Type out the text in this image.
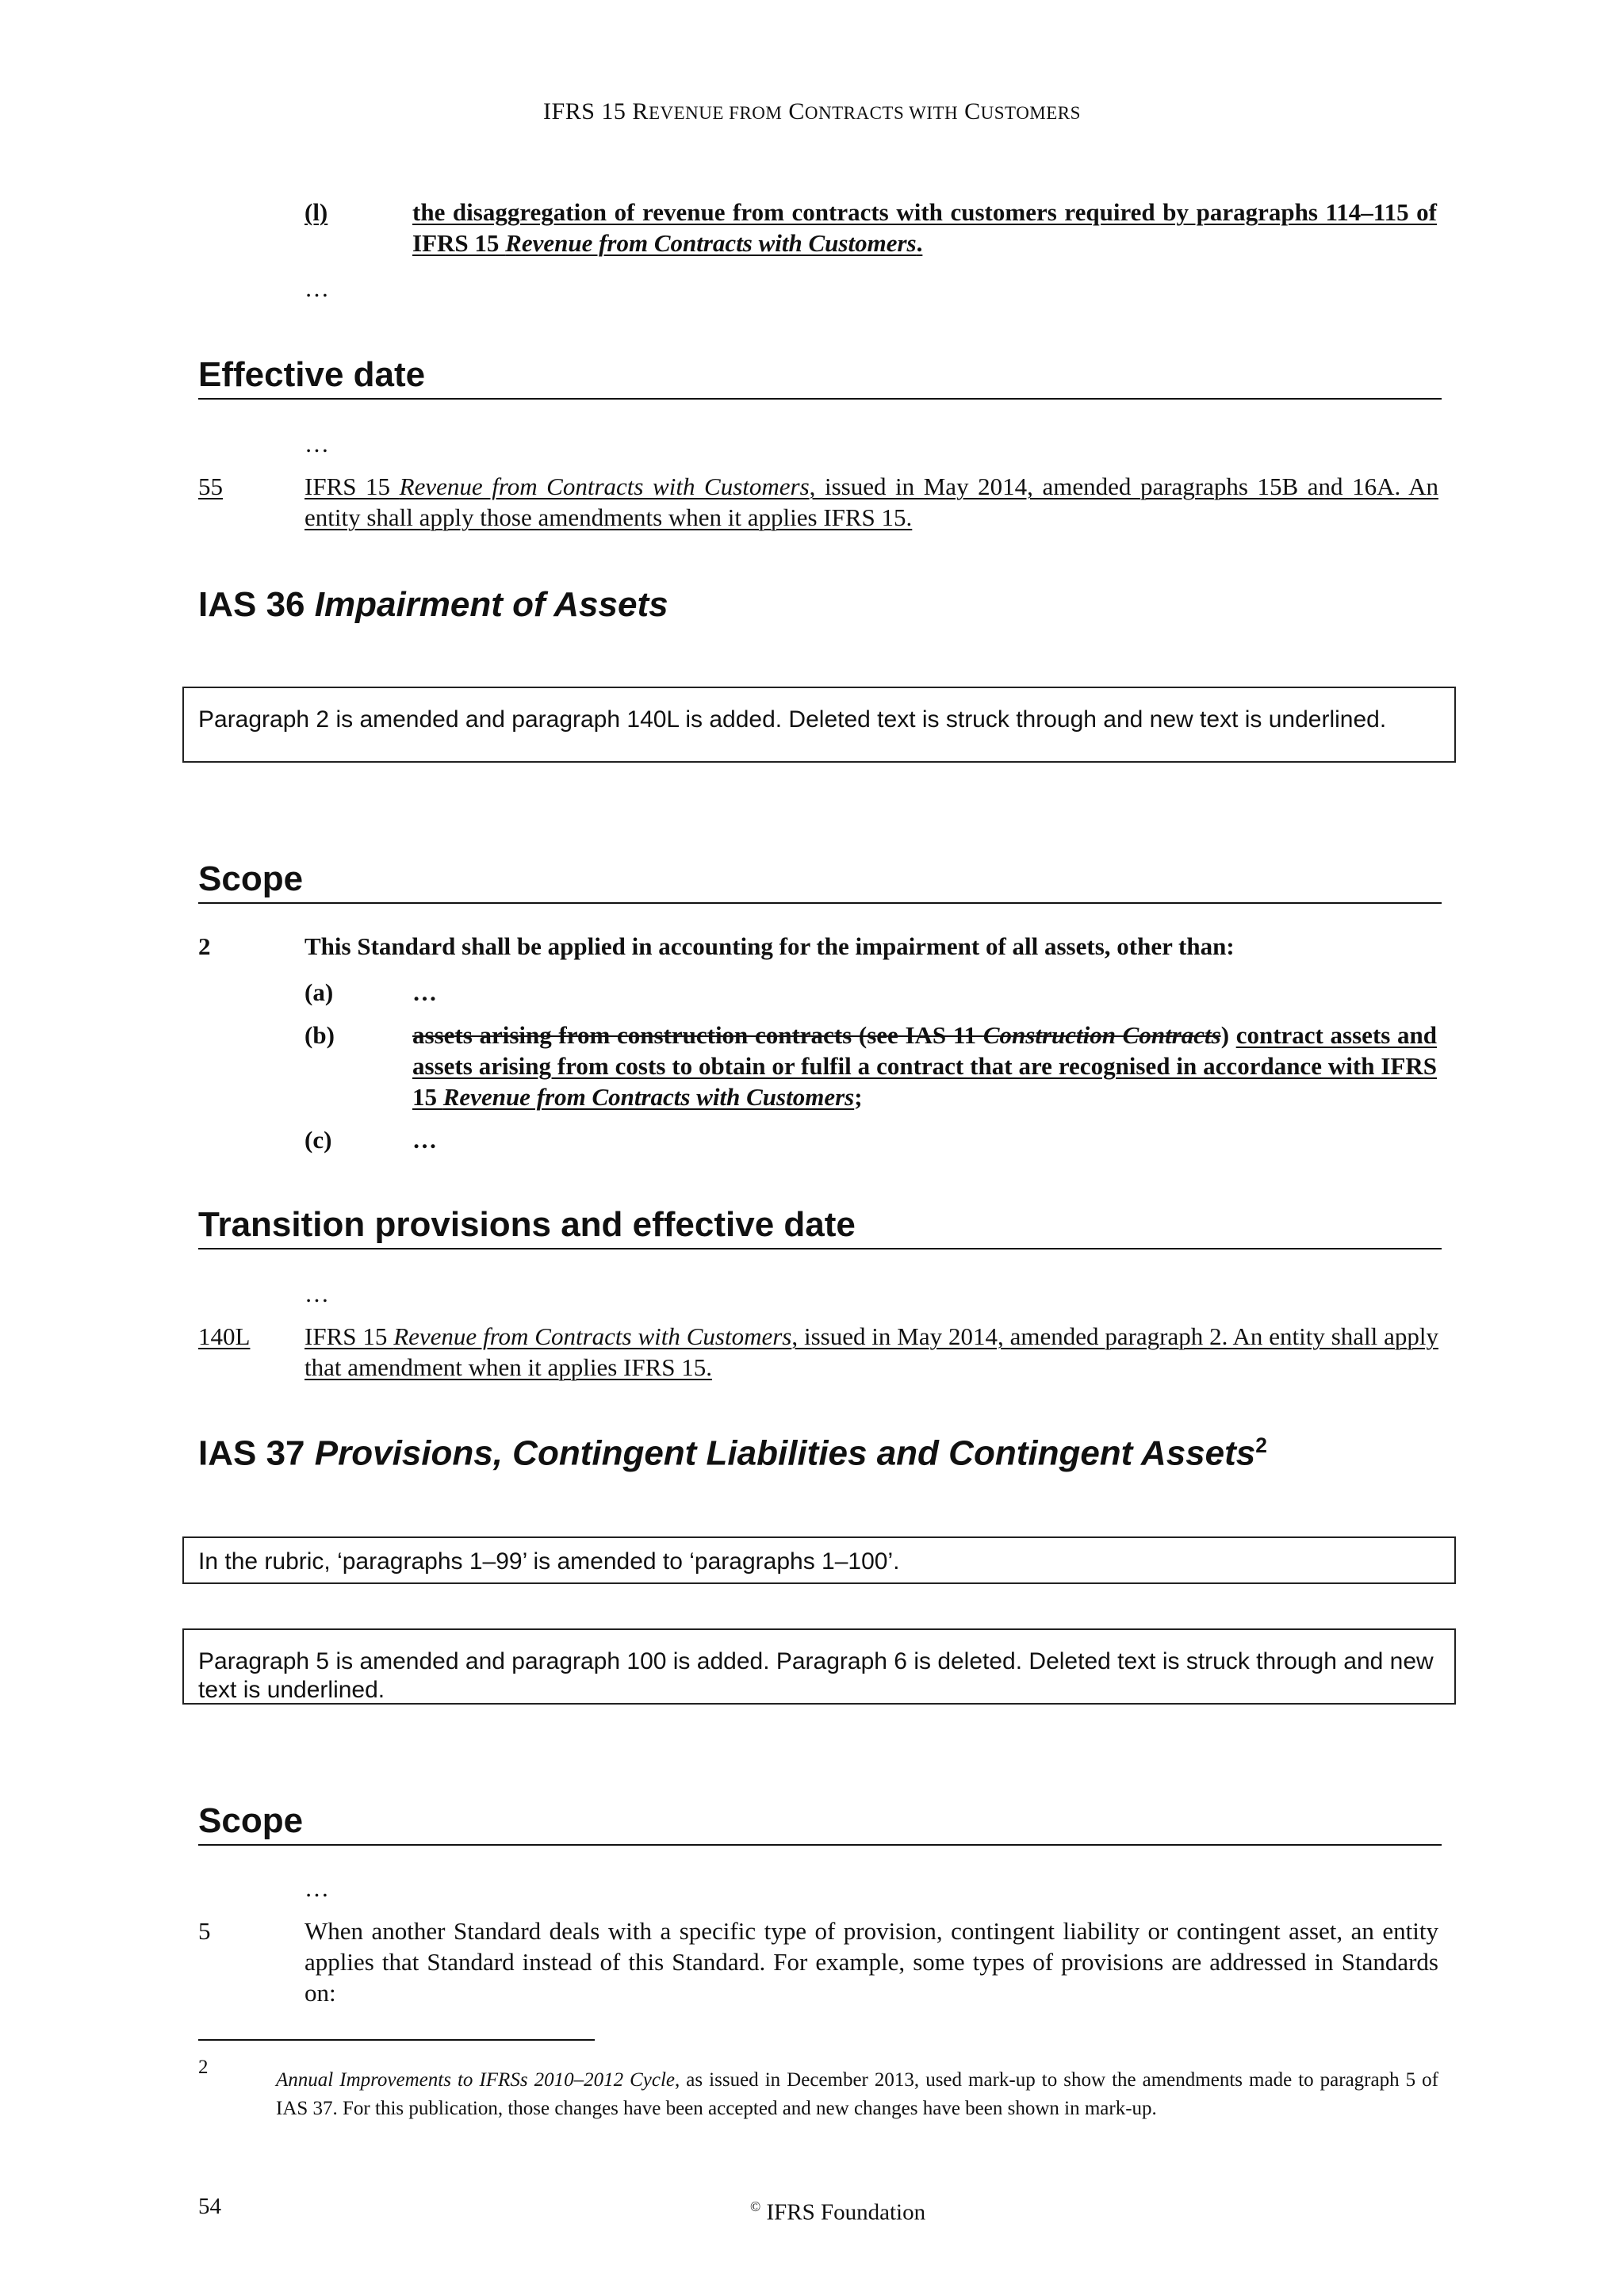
IFRS 15 REVENUE FROM CONTRACTS WITH CUSTOMERS
(l)	the disaggregation of revenue from contracts with customers required by paragraphs 114–115 of IFRS 15 Revenue from Contracts with Customers.
…
Effective date
…
55	IFRS 15 Revenue from Contracts with Customers, issued in May 2014, amended paragraphs 15B and 16A. An entity shall apply those amendments when it applies IFRS 15.
IAS 36 Impairment of Assets
Paragraph 2 is amended and paragraph 140L is added. Deleted text is struck through and new text is underlined.
Scope
2	This Standard shall be applied in accounting for the impairment of all assets, other than:
(a)	…
(b)	assets arising from construction contracts (see IAS 11 Construction Contracts) contract assets and assets arising from costs to obtain or fulfil a contract that are recognised in accordance with IFRS 15 Revenue from Contracts with Customers;
(c)	…
Transition provisions and effective date
…
140L IFRS 15 Revenue from Contracts with Customers, issued in May 2014, amended paragraph 2. An entity shall apply that amendment when it applies IFRS 15.
IAS 37 Provisions, Contingent Liabilities and Contingent Assets$^2$
In the rubric, ‘paragraphs 1–99’ is amended to ‘paragraphs 1–100’.
Paragraph 5 is amended and paragraph 100 is added. Paragraph 6 is deleted. Deleted text is struck through and new text is underlined.
Scope
…
5	When another Standard deals with a specific type of provision, contingent liability or contingent asset, an entity applies that Standard instead of this Standard. For example, some types of provisions are addressed in Standards on:
2
Annual Improvements to IFRSs 2010–2012 Cycle, as issued in December 2013, used mark-up to show the amendments made to paragraph 5 of IAS 37. For this publication, those changes have been accepted and new changes have been shown in mark-up.
54	© IFRS Foundation
